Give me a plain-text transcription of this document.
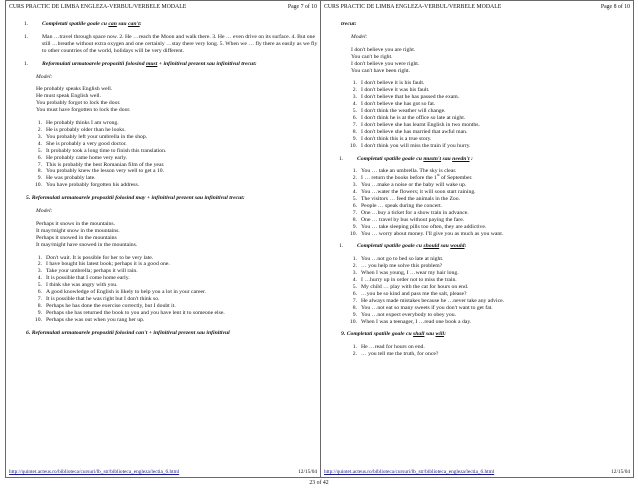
CURS PRACTIC DE LIMBA ENGLEZA-VERBUL/VERBELE MODALE	Page 7 of 10
1. Completati spatiile goale cu can sau can't:
1. Man …travel through space now. 2. He …reach the Moon and walk there. 3. He … even drive on its surface. 4. But one still …breathe without extra oxygen and one certainly …stay there very long. 5. When we … fly there as easily as we fly to other countries of the world, holidays will be very different.
1. Reformulati urmatoarele propozitii folosind must + infinitivul prezent sau infinitivul trecut:

Model:

He probably speaks English well.

He must speak English well.

You probably forgot to lock the door.

You must have forgotten to lock the door.

1. He probably thinks I am wrong.
2. He is probably older than he looks.
3. You probably left your umbrella in the shop.
4. She is probably a very good doctor.
5. It probably took a long time to finish this translation.
6. He probably came home very early.
7. This is probably the best Romanian film of the year.
8. You probably knew the lesson very well to get a 10.
9. He was probably late.
10. You have probably forgotten his address.

5. Reformulati urmatoarele propozitii folosind may + infinitivul prezent sau infinitivul trecut:

Model:

Perhaps it snows in the mountains.

It may/might snow in the mountains.

Perhaps it snowed in the mountains

It may/might have snowed in the mountains.

1. Don't wait. It is possible for her to be very late.
2. I have bought his latest book; perhaps it is a good one.
3. Take your umbrella; perhaps it will rain.
4. It is possible that I come home early.
5. I think she was angry with you.
6. A good knowledge of English is likely to help you a lot in your career.
7. It is possible that he was right but I don't think so.
8. Perhaps he has done the exercise correctly, but I doubt it.
9. Perhaps she has returned the book to you and you have lent it to someone else.
10. Perhaps she was out when you rang her up.

6. Reformulati urmatoarele propozitii folosind can't + infinitivul prezent sau infinitivul

http://quintet.acteus.ro/biblioteca/cursuri/lb_str/biblioteca_engleza/lectia_6.html	12/15/04
CURS PRACTIC DE LIMBA ENGLEZA-VERBUL/VERBELE MODALE	Page 8 of 10

trecut:

Model:

I don't believe you are right.

You can't be right.

I don't believe you were right.

You can't have been right.

1. I don't believe it is his fault.
2. I don't believe it was his fault.
3. I don't believe that he has passed the exam.
4. I don't believe she has got so fat.
5. I don't think the weather will change.
6. I don't think he is at the office so late at night.
7. I don't believe she has learnt English in two months.
8. I don't believe she has married that awful man.
9. I don't think this is a true story.
10. I don't think you will miss the train if you hurry.
1. Completati spatiile goale cu mustn't sau needn't :
1. You … take an umbrella. The sky is clear.
2. I … return the books before the 1st of September.
3. You …make a noise or the baby will wake up.
4. You …water the flowers; it will soon start raining.
5. The visitors … feed the animals in the Zoo.
6. People … speak during the concert.
7. One …buy a ticket for a show train in advance.
8. One … travel by bus without paying the fare.
9. You … take sleeping pills too often, they are addictive.
10. You … worry about money. I'll give you as much as you want.
1. Completati spatiile goale cu should sau would:
1. You …not go to bed so late at night.
2. … you help me solve this problem?
3. When I was young, I …wear my hair long.
4. I …hurry up in order not to miss the train.
5. My child … play with the cat for hours on end.
6. …you be so kind and pass me the salt, please?
7. He always made mistakes because he …never take any advice.
8. You …not eat so many sweets if you don't want to get fat.
9. You …not expect everybody to obey you.
10. When I was a teenager, I …read one book a day.

9. Completati spatiile goale cu shall sau will:

1. He …read for hours on end.
2. … you tell me the truth, for once?
http://quintet.acteus.ro/biblioteca/cursuri/lb_str/biblioteca_engleza/lectia_6.html	12/15/04
23 of 42
